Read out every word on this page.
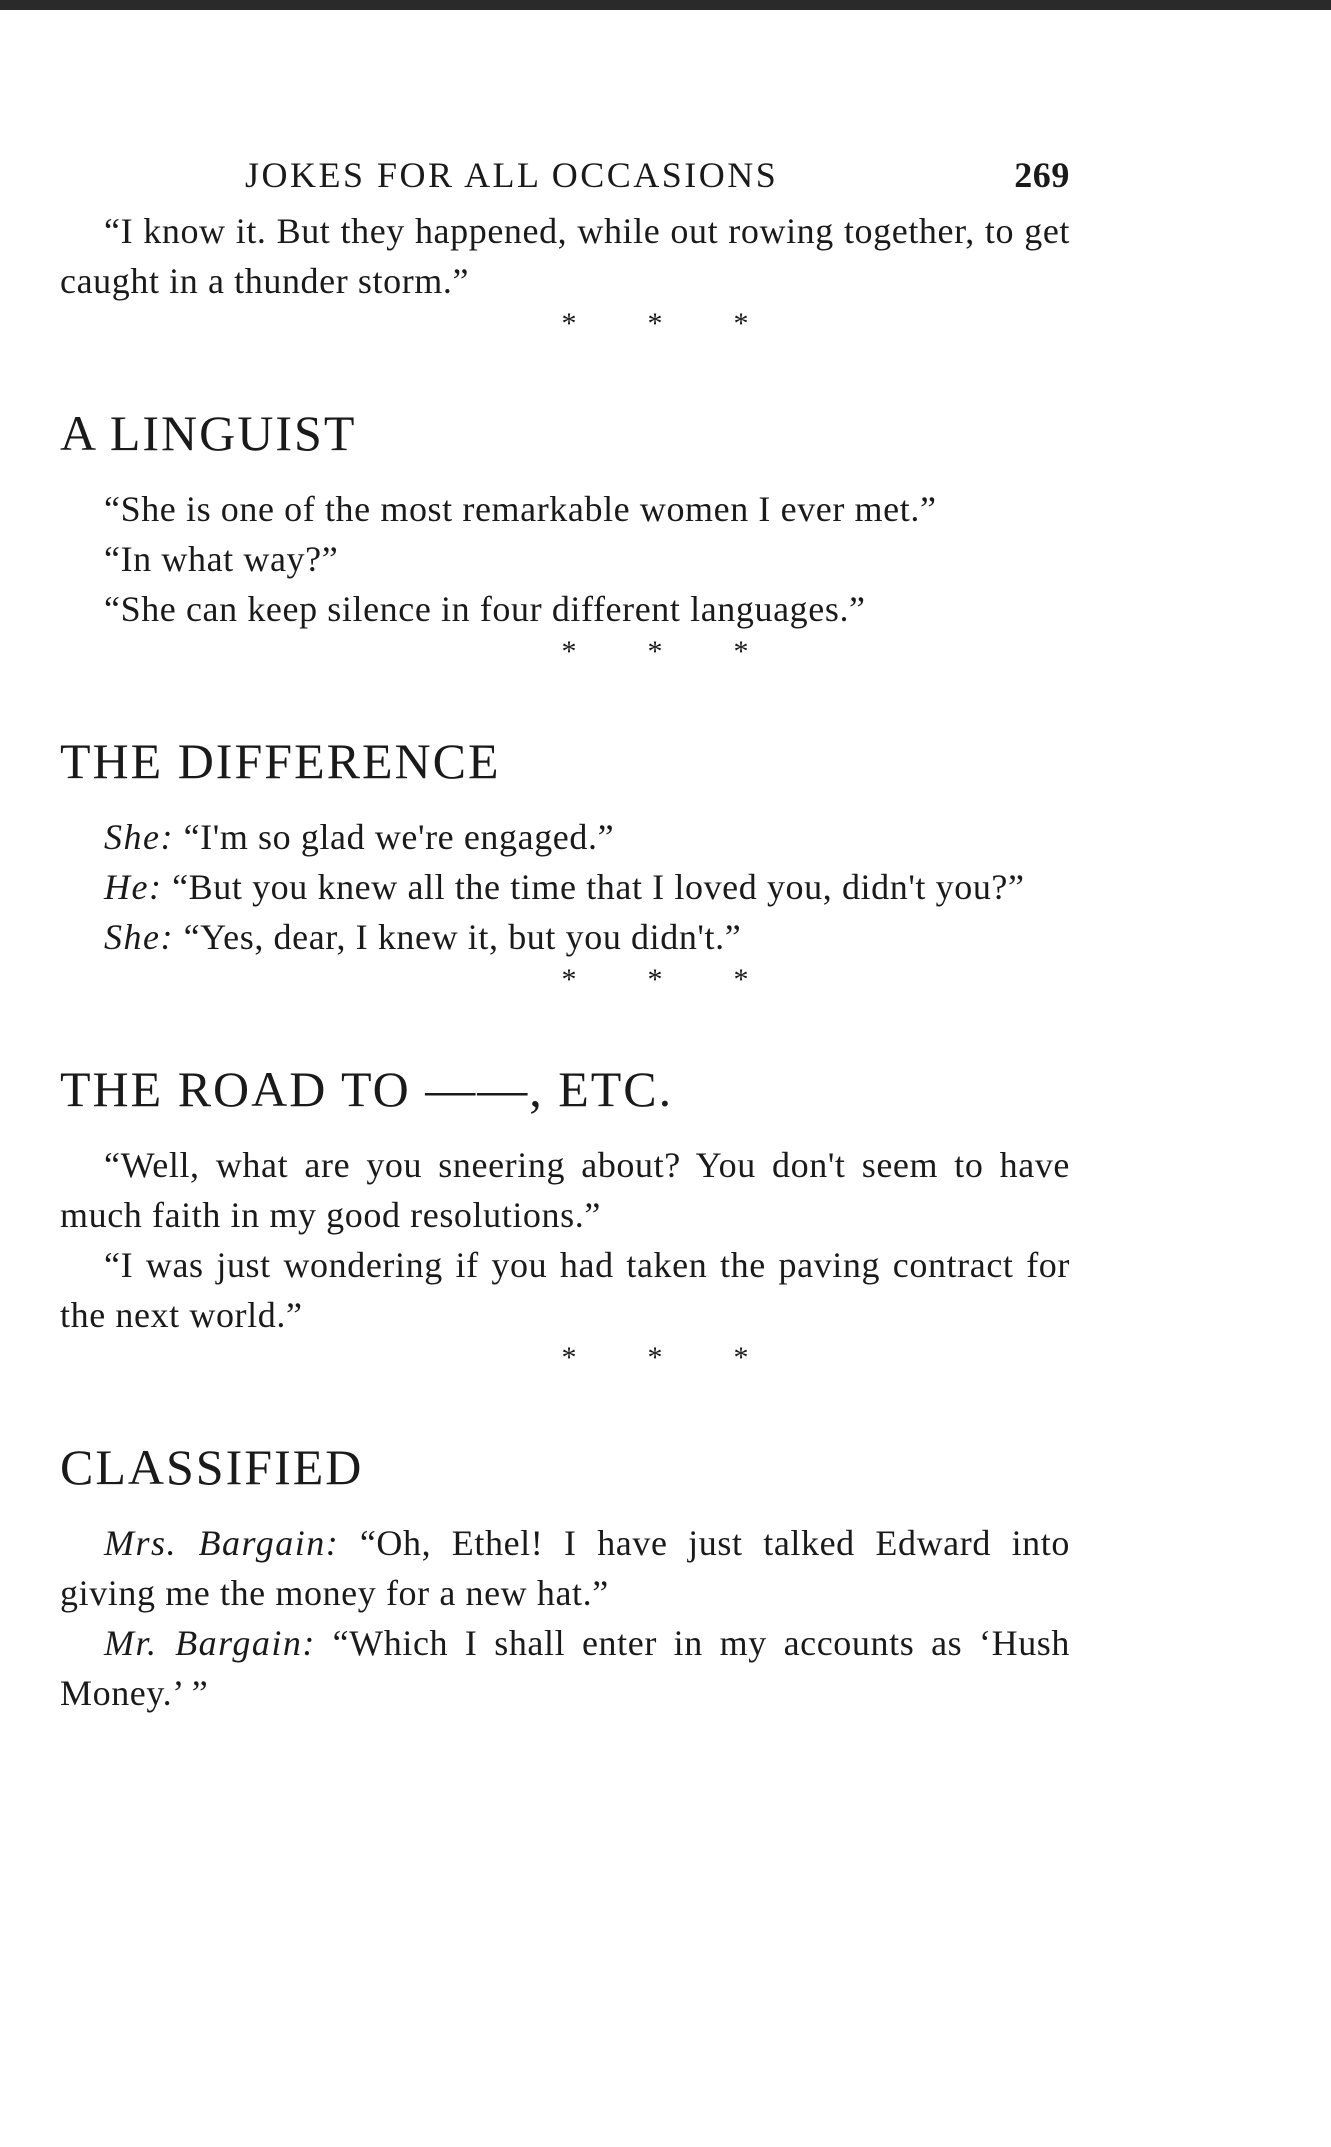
JOKES FOR ALL OCCASIONS	269

“I know it. But they happened, while out rowing together, to get caught in a thunder storm.”

* * *
A LINGUIST

“She is one of the most remarkable women I ever met.”

“In what way?”

“She can keep silence in four different languages.”

* * *
THE DIFFERENCE

She: “I'm so glad we're engaged.”

He: “But you knew all the time that I loved you, didn't you?”

She: “Yes, dear, I knew it, but you didn't.”

* * *
THE ROAD TO ——, ETC.

“Well, what are you sneering about? You don't seem to have much faith in my good resolutions.”

“I was just wondering if you had taken the paving contract for the next world.”

* * *
CLASSIFIED

Mrs. Bargain: “Oh, Ethel! I have just talked Edward into giving me the money for a new hat.”

Mr. Bargain: “Which I shall enter in my accounts as ‘Hush Money.’ ”
